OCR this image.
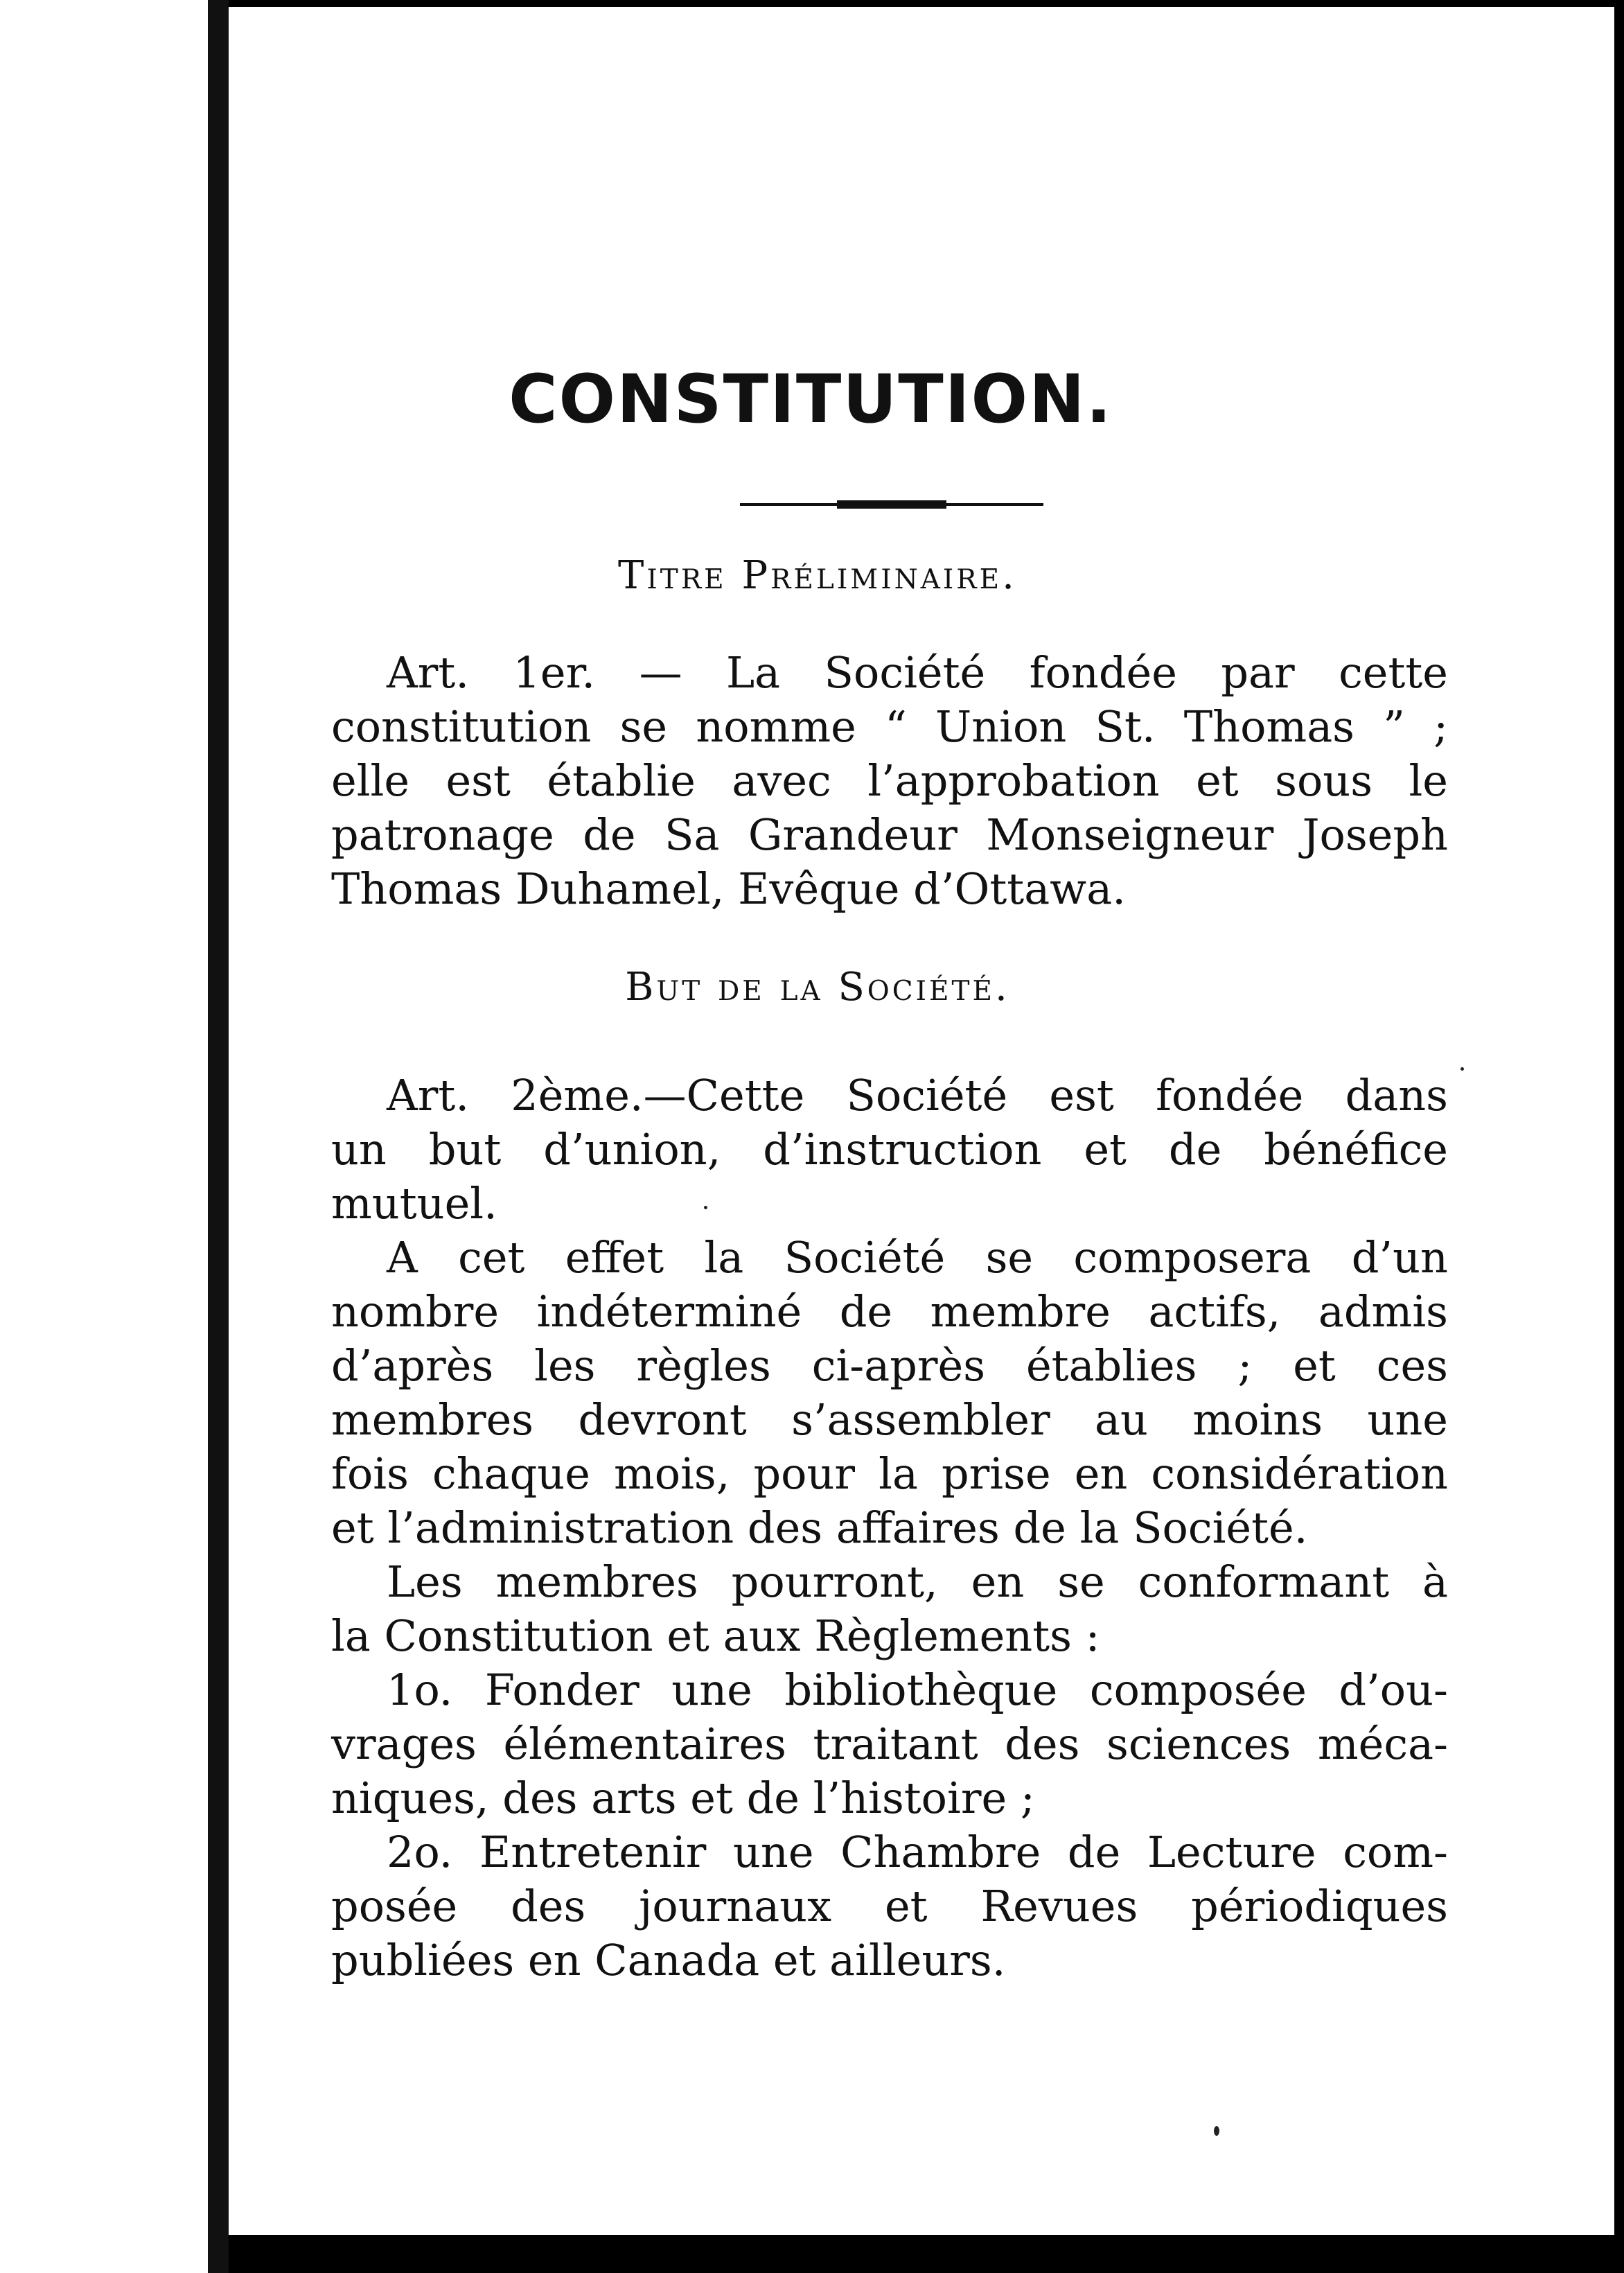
CONSTITUTION.
Titre Préliminaire.
Art. 1er. — La Société fondée par cette
constitution se nomme “ Union St. Thomas ” ;
elle est établie avec l’approbation et sous le
patronage de Sa Grandeur Monseigneur Joseph
Thomas Duhamel, Evêque d’Ottawa.
But de la Société.
Art. 2ème.—Cette Société est fondée dans
un but d’union, d’instruction et de bénéfice
mutuel.
A cet effet la Société se composera d’un
nombre indéterminé de membre actifs, admis
d’après les règles ci-après établies ; et ces
membres devront s’assembler au moins une
fois chaque mois, pour la prise en considération
et l’administration des affaires de la Société.
Les membres pourront, en se conformant à
la Constitution et aux Règlements :
1o. Fonder une bibliothèque composée d’ou-
vrages élémentaires traitant des sciences méca-
niques, des arts et de l’histoire ;
2o. Entretenir une Chambre de Lecture com-
posée des journaux et Revues périodiques
publiées en Canada et ailleurs.
